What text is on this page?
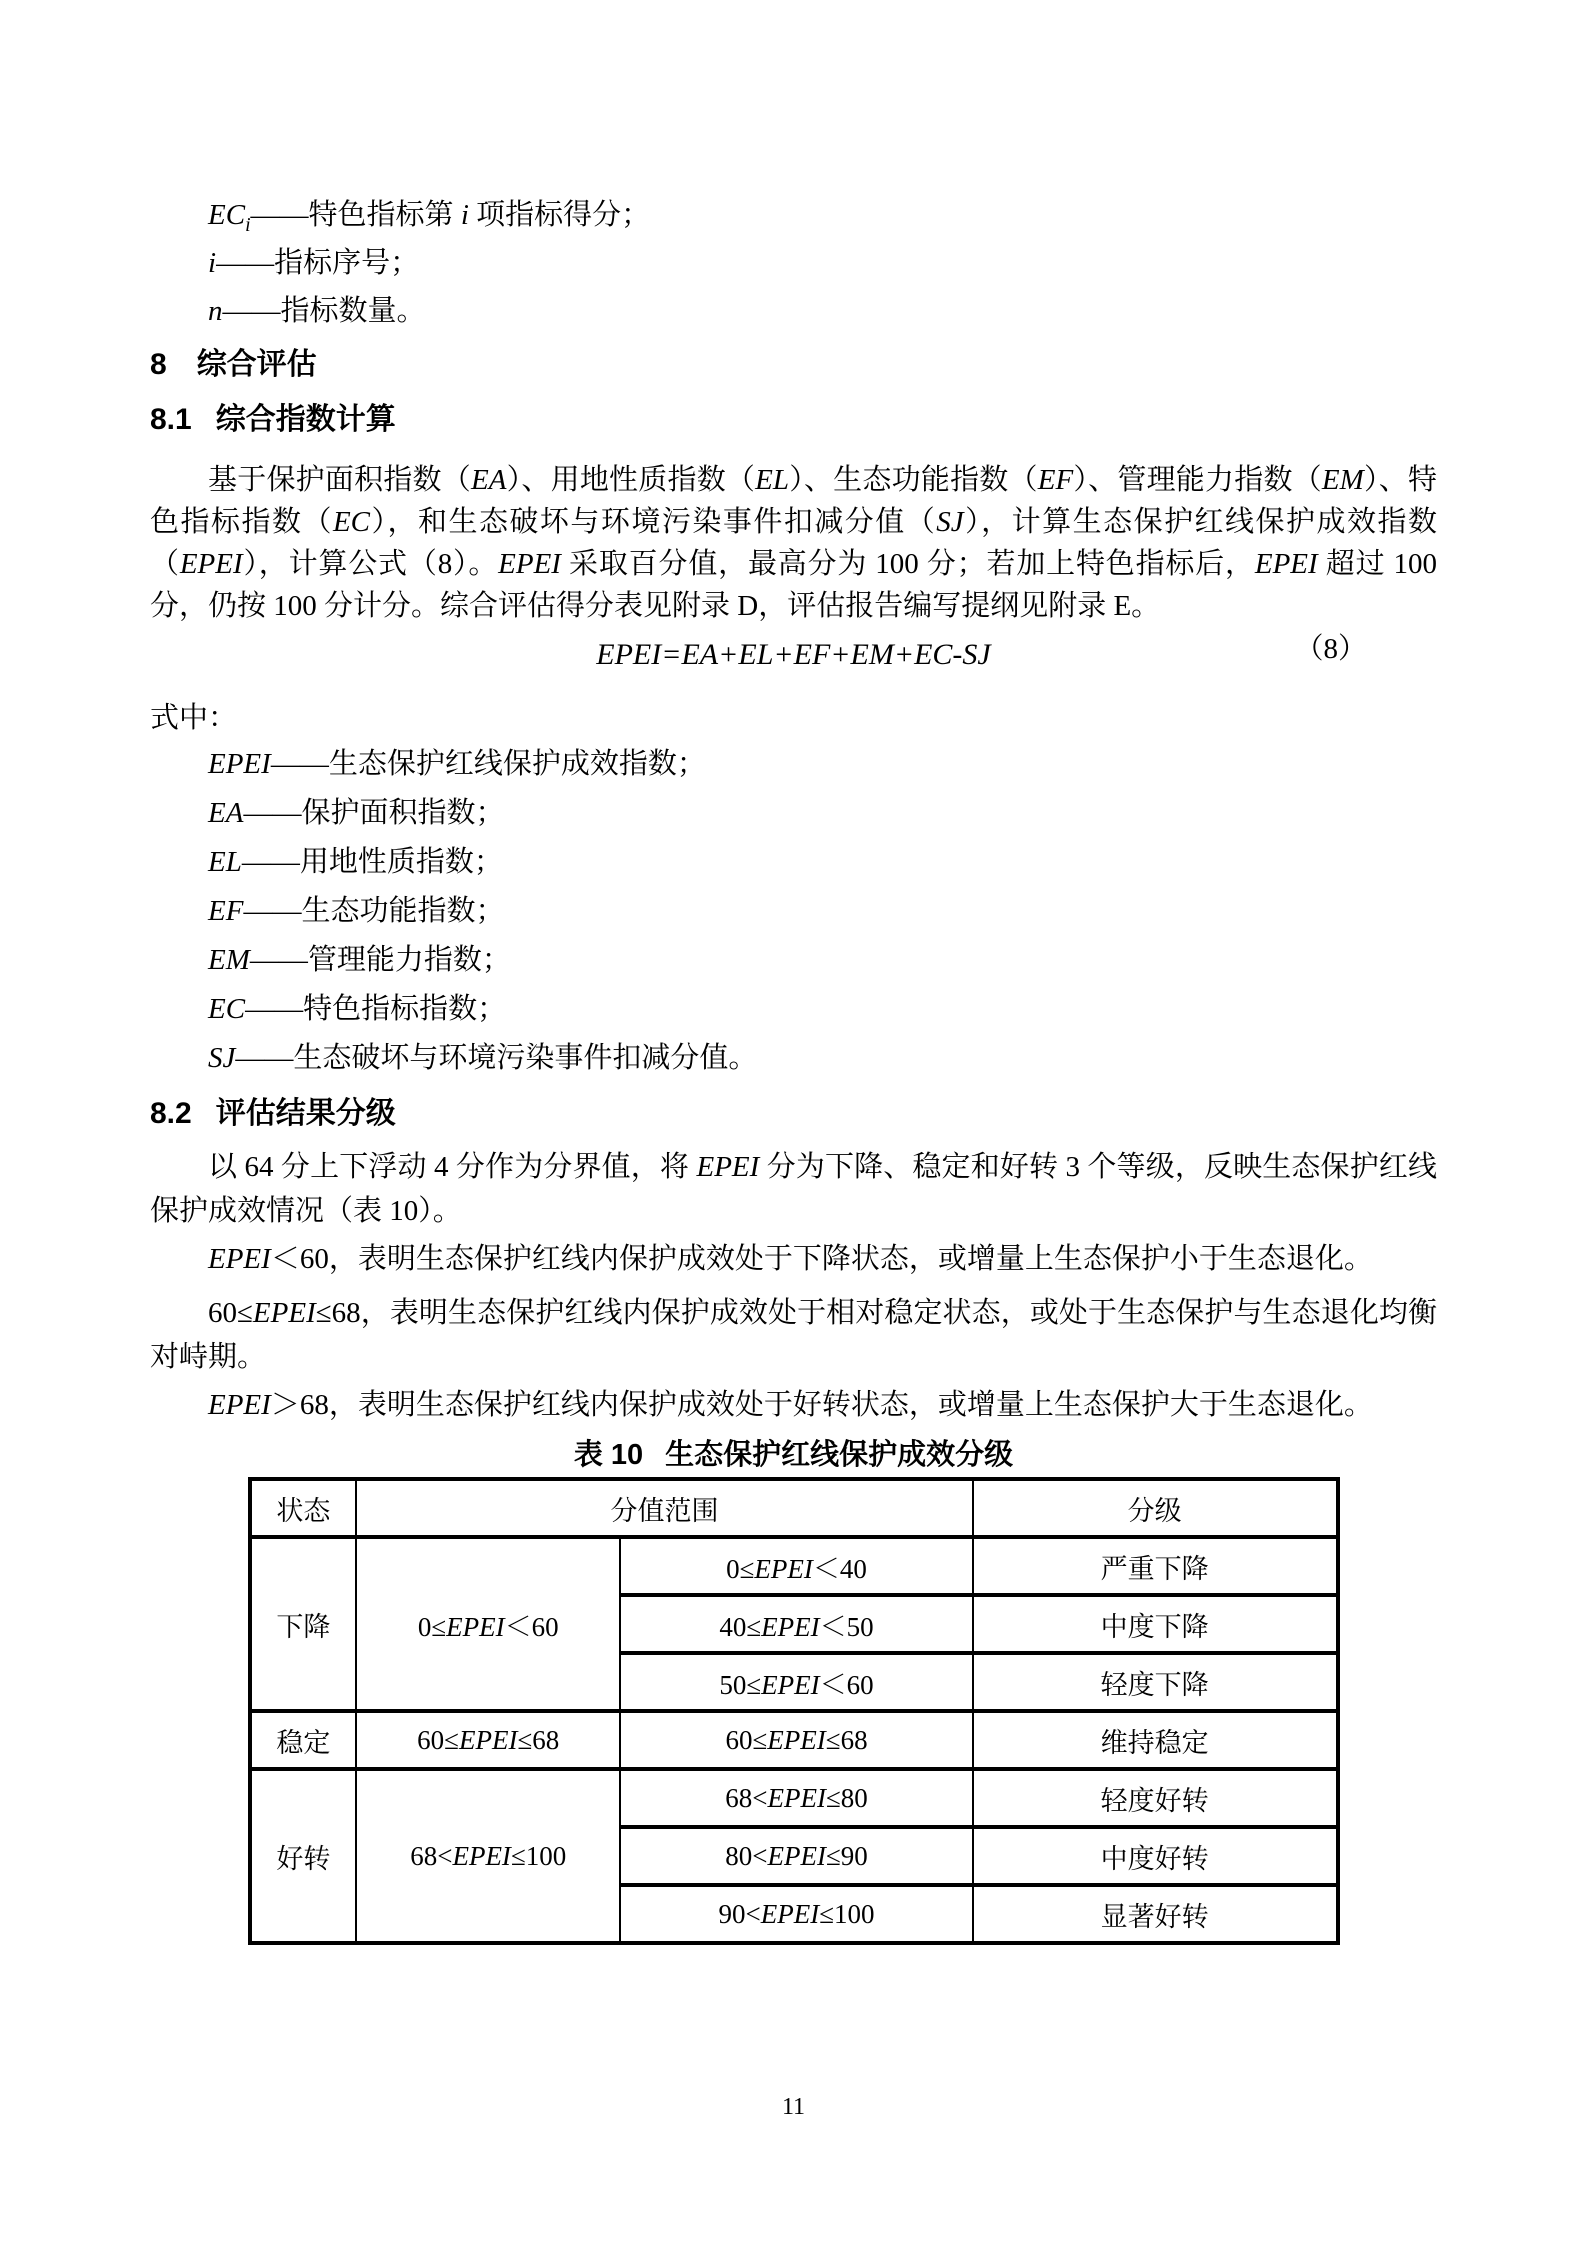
$EC_i——$特色指标第 i 项指标得分；

i——指标序号；

n——指标数量。

8 综合评估
8.1 综合指数计算

基于保护面积指数（EA）、用地性质指数（EL）、生态功能指数（EF）、管理能力指数（EM）、特色指标指数（EC），和生态破坏与环境污染事件扣减分值（SJ），计算生态保护红线保护成效指数（EPEI），计算公式（8）。EPEI 采取百分值，最高分为 100 分；若加上特色指标后，EPEI 超过 100 分，仍按 100 分计分。综合评估得分表见附录 D，评估报告编写提纲见附录 E。

EPEI=EA+EL+EF+EM+EC-SJ	（8）

式中：

EPEI——生态保护红线保护成效指数；

EA——保护面积指数；

EL——用地性质指数；

EF——生态功能指数；

EM——管理能力指数；

EC——特色指标指数；

SJ——生态破坏与环境污染事件扣减分值。

8.2 评估结果分级

以 64 分上下浮动 4 分作为分界值，将 EPEI 分为下降、稳定和好转 3 个等级，反映生态保护红线保护成效情况（表 10）。

EPEI＜60，表明生态保护红线内保护成效处于下降状态，或增量上生态保护小于生态退化。

60≤EPEI≤68，表明生态保护红线内保护成效处于相对稳定状态，或处于生态保护与生态退化均衡对峙期。

EPEI＞68，表明生态保护红线内保护成效处于好转状态，或增量上生态保护大于生态退化。

表 10 生态保护红线保护成效分级
状态	分值范围		分级
下降	0≤EPEI＜60	0≤EPEI＜40	严重下降
		40≤EPEI＜50	中度下降
		50≤EPEI＜60	轻度下降
稳定	60≤EPEI≤68	60≤EPEI≤68	维持稳定
好转	68<EPEI≤100	68<EPEI≤80	轻度好转
		80<EPEI≤90	中度好转
		90<EPEI≤100	显著好转
11
